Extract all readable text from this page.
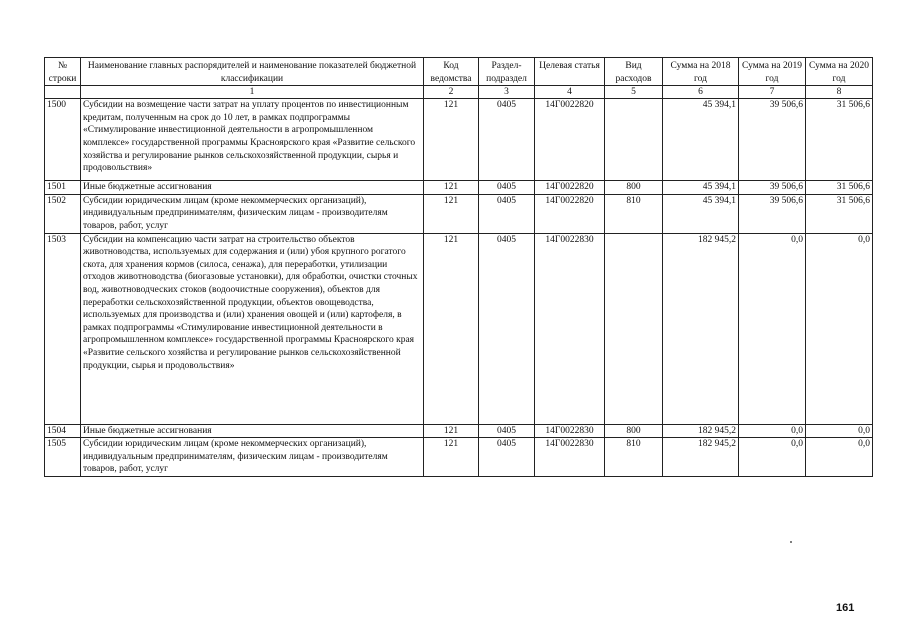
№ строки	Наименование главных распорядителей и наименование показателей бюджетной классификации	Код ведомства	Раздел-подраздел	Целевая статья	Вид расходов	Сумма на 2018 год	Сумма на 2019 год	Сумма на 2020 год
	1	2	3	4	5	6	7	8
1500	Субсидии на возмещение части затрат на уплату процентов по инвестиционным кредитам, полученным на срок до 10 лет, в рамках подпрограммы «Стимулирование инвестиционной деятельности в агропромышленном комплексе» государственной программы Красноярского края «Развитие сельского хозяйства и регулирование рынков сельскохозяйственной продукции, сырья и продовольствия»	121	0405	14Г0022820		45 394,1	39 506,6	31 506,6
1501	Иные бюджетные ассигнования	121	0405	14Г0022820	800	45 394,1	39 506,6	31 506,6
1502	Субсидии юридическим лицам (кроме некоммерческих организаций), индивидуальным предпринимателям, физическим лицам - производителям товаров, работ, услуг	121	0405	14Г0022820	810	45 394,1	39 506,6	31 506,6
1503	Субсидии на компенсацию части затрат на строительство объектов животноводства, используемых для содержания и (или) убоя крупного рогатого скота, для хранения кормов (силоса, сенажа), для переработки, утилизации отходов животноводства (биогазовые установки), для обработки, очистки сточных вод, животноводческих стоков (водоочистные сооружения), объектов для переработки сельскохозяйственной продукции, объектов овощеводства, используемых для производства и (или) хранения овощей и (или) картофеля, в рамках подпрограммы «Стимулирование инвестиционной деятельности в агропромышленном комплексе» государственной программы Красноярского края «Развитие сельского хозяйства и регулирование рынков сельскохозяйственной продукции, сырья и продовольствия»	121	0405	14Г0022830		182 945,2	0,0	0,0
1504	Иные бюджетные ассигнования	121	0405	14Г0022830	800	182 945,2	0,0	0,0
1505	Субсидии юридическим лицам (кроме некоммерческих организаций), индивидуальным предпринимателям, физическим лицам - производителям товаров, работ, услуг	121	0405	14Г0022830	810	182 945,2	0,0	0,0
161
